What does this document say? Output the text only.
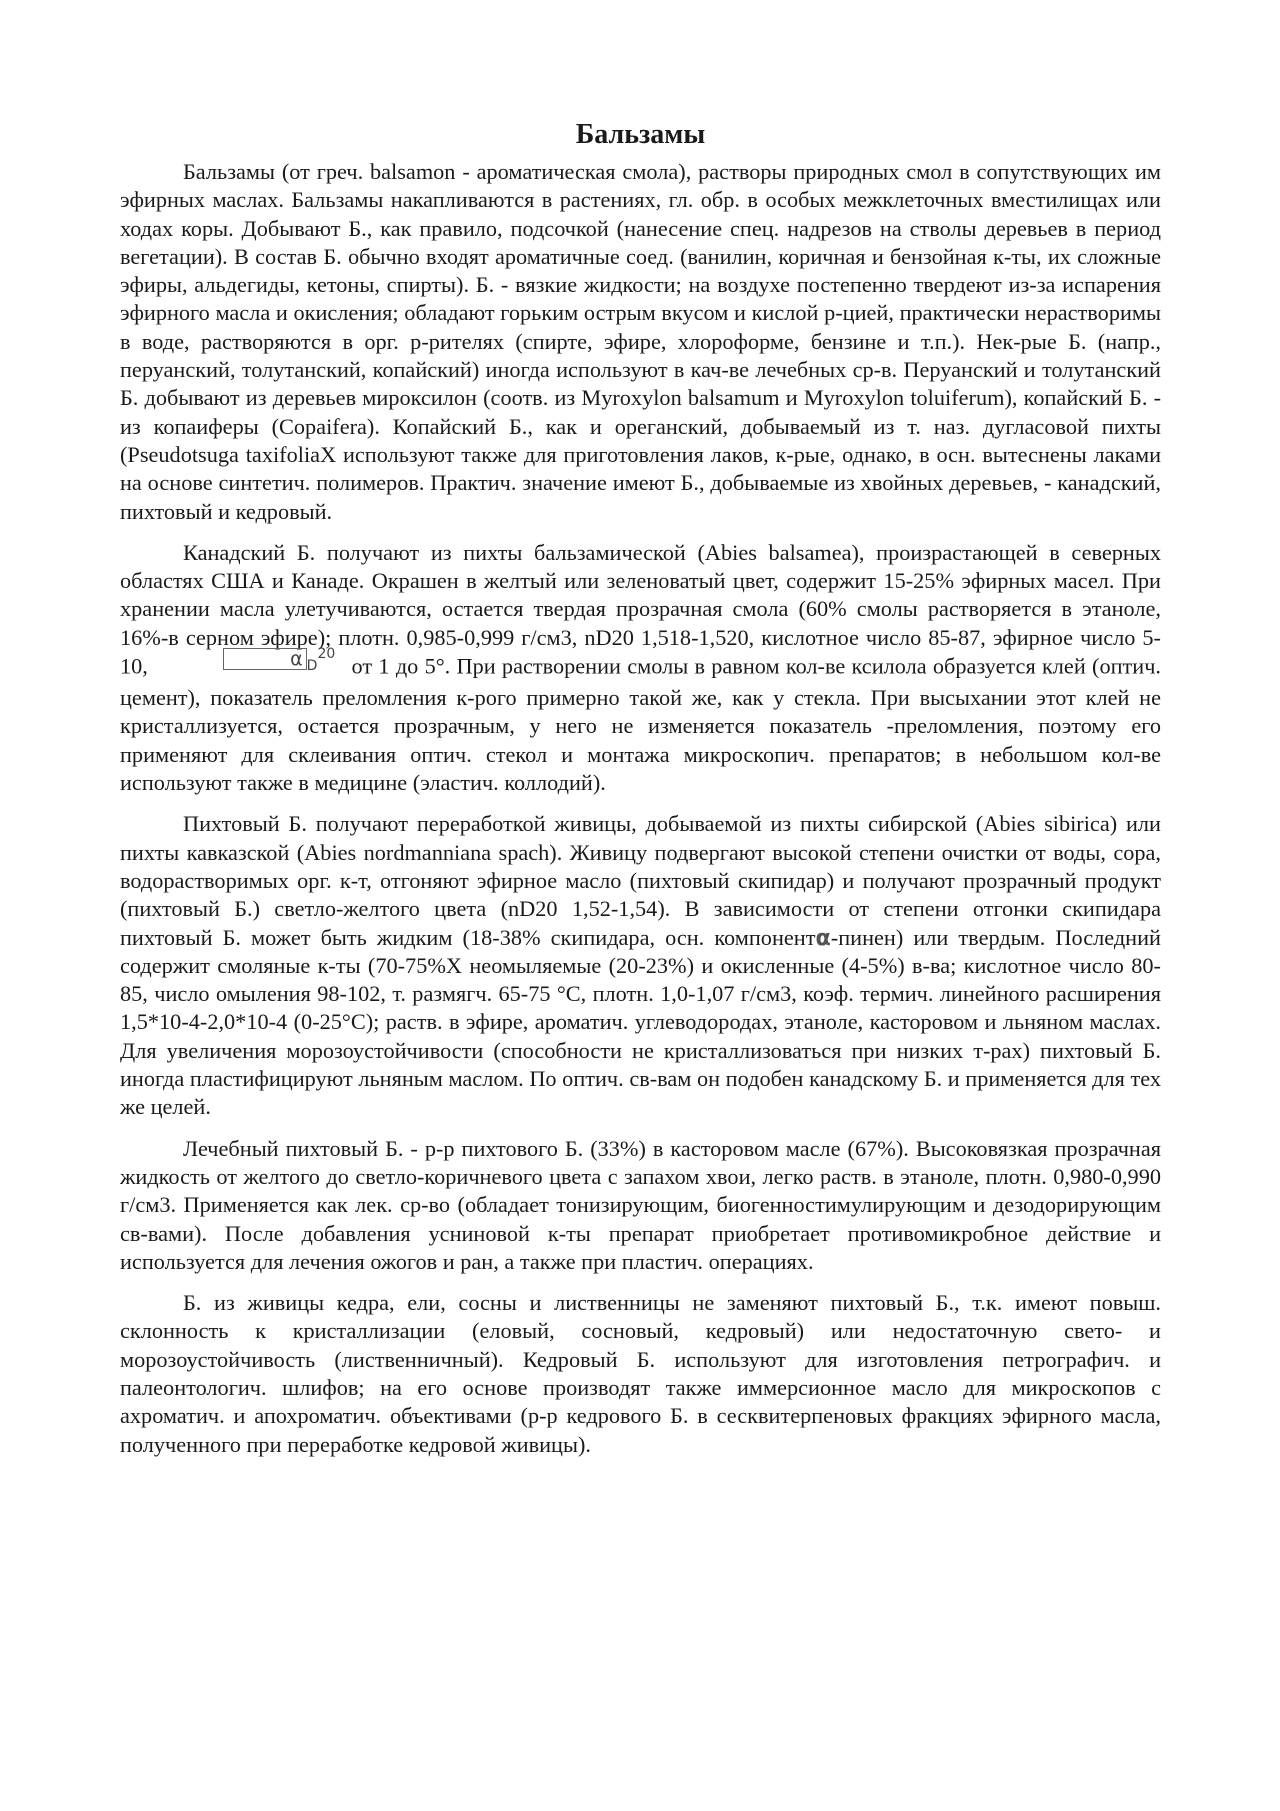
Бальзамы

Бальзамы (от греч. balsamon - ароматическая смола), растворы природных смол в сопутствующих им эфирных маслах. Бальзамы накапливаются в растениях, гл. обр. в особых межклеточных вместилищах или ходах коры. Добывают Б., как правило, подсочкой (нанесение спец. надрезов на стволы деревьев в период вегетации). В состав Б. обычно входят ароматичные соед. (ванилин, коричная и бензойная к-ты, их сложные эфиры, альдегиды, кетоны, спирты). Б. - вязкие жидкости; на воздухе постепенно твердеют из-за испарения эфирного масла и окисления; обладают горьким острым вкусом и кислой р-цией, практически нерастворимы в воде, растворяются в орг. р-рителях (спирте, эфире, хлороформе, бензине и т.п.). Нек-рые Б. (напр., перуанский, толутанский, копайский) иногда используют в кач-ве лечебных ср-в. Перуанский и толутанский Б. добывают из деревьев мироксилон (соотв. из Myroxylon balsamum и Myroxylon toluiferum), копайский Б. - из копаиферы (Copaifera). Копайский Б., как и ореганский, добываемый из т. наз. дугласовой пихты (Pseudotsuga taxifoliaX используют также для приготовления лаков, к-рые, однако, в осн. вытеснены лаками на основе синтетич. полимеров. Практич. значение имеют Б., добываемые из хвойных деревьев, - канадский, пихтовый и кедровый.

Канадский Б. получают из пихты бальзамической (Abies balsamea), произрастающей в северных областях США и Канаде. Окрашен в желтый или зеленоватый цвет, содержит 15-25% эфирных масел. При хранении масла улетучиваются, остается твердая прозрачная смола (60% смолы растворяется в этаноле, 16%-в серном эфире); плотн. 0,985-0,999 г/см3, nD20 1,518-1,520, кислотное число 85-87, эфирное число 5-10,	α $_D^{20}$ от 1 до 5°. При растворении смолы в равном кол-ве ксилола образуется клей (оптич. цемент), показатель преломления к-рого примерно такой же, как у стекла. При высыхании этот клей не кристаллизуется, остается прозрачным, у него не изменяется показатель -преломления, поэтому его применяют для склеивания оптич. стекол и монтажа микроскопич. препаратов; в небольшом кол-ве используют также в медицине (эластич. коллодий).

Пихтовый Б. получают переработкой живицы, добываемой из пихты сибирской (Abies sibirica) или пихты кавказской (Abies nordmanniana spach). Живицу подвергают высокой степени очистки от воды, сора, водорастворимых орг. к-т, отгоняют эфирное масло (пихтовый скипидар) и получают прозрачный продукт (пихтовый Б.) светло-желтого цвета (nD20 1,52-1,54). В зависимости от степени отгонки скипидара пихтовый Б. может быть жидким (18-38% скипидара, осн. компонентα-пинен) или твердым. Последний содержит смоляные к-ты (70-75%X неомыляемые (20-23%) и окисленные (4-5%) в-ва; кислотное число 80-85, число омыления 98-102, т. размягч. 65-75 °С, плотн. 1,0-1,07 г/см3, коэф. термич. линейного расширения 1,5*10-4-2,0*10-4 (0-25°С); раств. в эфире, ароматич. углеводородах, этаноле, касторовом и льняном маслах. Для увеличения морозоустойчивости (способности не кристаллизоваться при низких т-рах) пихтовый Б. иногда пластифицируют льняным маслом. По оптич. св-вам он подобен канадскому Б. и применяется для тех же целей.

Лечебный пихтовый Б. - р-р пихтового Б. (33%) в касторовом масле (67%). Высоковязкая прозрачная жидкость от желтого до светло-коричневого цвета с запахом хвои, легко раств. в этаноле, плотн. 0,980-0,990 г/см3. Применяется как лек. ср-во (обладает тонизирующим, биогенностимулирующим и дезодорирующим св-вами). После добавления усниновой к-ты препарат приобретает противомикробное действие и используется для лечения ожогов и ран, а также при пластич. операциях.

Б. из живицы кедра, ели, сосны и лиственницы не заменяют пихтовый Б., т.к. имеют повыш. склонность к кристаллизации (еловый, сосновый, кедровый) или недостаточную свето- и морозоустойчивость (лиственничный). Кедровый Б. используют для изготовления петрографич. и палеонтологич. шлифов; на его основе производят также иммерсионное масло для микроскопов с ахроматич. и апохроматич. объективами (р-р кедрового Б. в сесквитерпеновых фракциях эфирного масла, полученного при переработке кедровой живицы).
